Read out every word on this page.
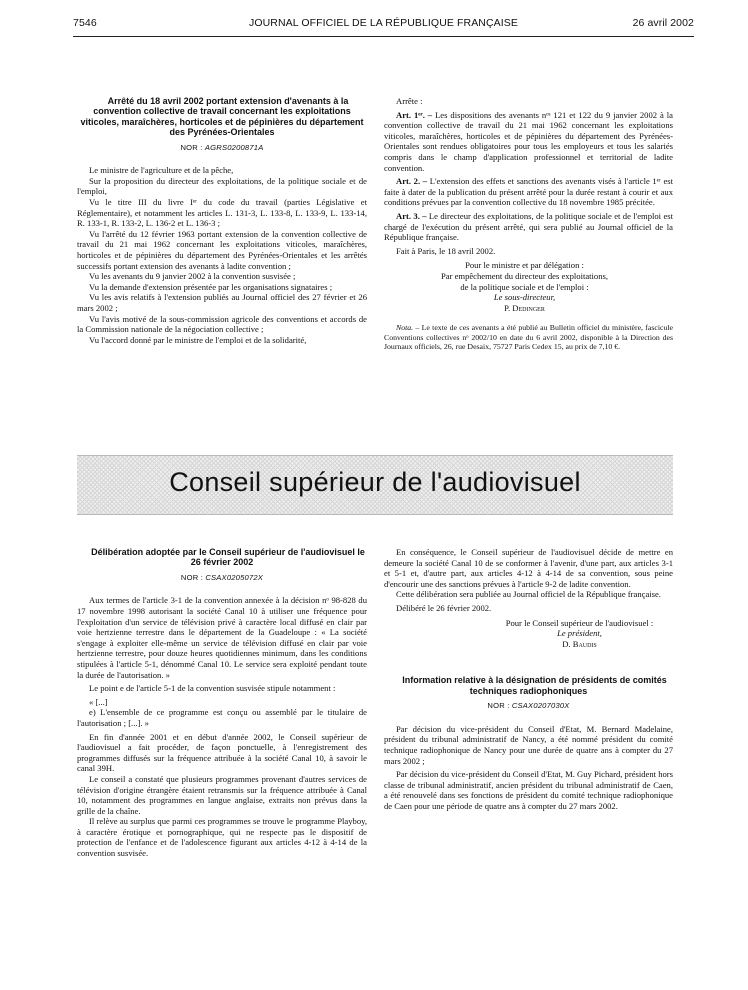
7546	JOURNAL OFFICIEL DE LA RÉPUBLIQUE FRANÇAISE	26 avril 2002

Arrêté du 18 avril 2002 portant extension d'avenants à la convention collective de travail concernant les exploitations viticoles, maraîchères, horticoles et de pépinières du département des Pyrénées-Orientales

NOR : AGRS0200871A

Le ministre de l'agriculture et de la pêche,

Sur la proposition du directeur des exploitations, de la politique sociale et de l'emploi,

Vu le titre III du livre Iᵉʳ du code du travail (parties Législative et Réglementaire), et notamment les articles L. 131-3, L. 133-8, L. 133-9, L. 133-14, R. 133-1, R. 133-2, L. 136-2 et L. 136-3 ;

Vu l'arrêté du 12 février 1963 portant extension de la convention collective de travail du 21 mai 1962 concernant les exploitations viticoles, maraîchères, horticoles et de pépinières du département des Pyrénées-Orientales et les arrêtés successifs portant extension des avenants à ladite convention ;

Vu les avenants du 9 janvier 2002 à la convention susvisée ;

Vu la demande d'extension présentée par les organisations signataires ;

Vu les avis relatifs à l'extension publiés au Journal officiel des 27 février et 26 mars 2002 ;

Vu l'avis motivé de la sous-commission agricole des conventions et accords de la Commission nationale de la négociation collective ;

Vu l'accord donné par le ministre de l'emploi et de la solidarité,

Arrête :

Art. 1ᵉʳ. – Les dispositions des avenants nᵒˢ 121 et 122 du 9 janvier 2002 à la convention collective de travail du 21 mai 1962 concernant les exploitations viticoles, maraîchères, horticoles et de pépinières du département des Pyrénées-Orientales sont rendues obligatoires pour tous les employeurs et tous les salariés compris dans le champ d'application professionnel et territorial de ladite convention.

Art. 2. – L'extension des effets et sanctions des avenants visés à l'article 1ᵉʳ est faite à dater de la publication du présent arrêté pour la durée restant à courir et aux conditions prévues par la convention collective du 18 novembre 1985 précitée.

Art. 3. – Le directeur des exploitations, de la politique sociale et de l'emploi est chargé de l'exécution du présent arrêté, qui sera publié au Journal officiel de la République française.

Fait à Paris, le 18 avril 2002.

Pour le ministre et par délégation :
Par empêchement du directeur des exploitations,
de la politique sociale et de l'emploi :
Le sous-directeur,
P. Dedinger
Nota. – Le texte de ces avenants a été publié au Bulletin officiel du ministère, fascicule Conventions collectives nᵒ 2002/10 en date du 6 avril 2002, disponible à la Direction des Journaux officiels, 26, rue Desaix, 75727 Paris Cedex 15, au prix de 7,10 €.
Conseil supérieur de l'audiovisuel

Délibération adoptée par le Conseil supérieur de l'audiovisuel le 26 février 2002

NOR : CSAX0205072X

Aux termes de l'article 3-1 de la convention annexée à la décision nᵒ 98-828 du 17 novembre 1998 autorisant la société Canal 10 à utiliser une fréquence pour l'exploitation d'un service de télévision privé à caractère local diffusé en clair par voie hertzienne terrestre dans le département de la Guadeloupe : « La société s'engage à exploiter elle-même un service de télévision diffusé en clair par voie hertzienne terrestre, pour douze heures quotidiennes minimum, dans les conditions stipulées à l'article 5-1, dénommé Canal 10. Le service sera exploité pendant toute la durée de l'autorisation. »

Le point e de l'article 5-1 de la convention susvisée stipule notamment :

« [...]

e) L'ensemble de ce programme est conçu ou assemblé par le titulaire de l'autorisation ; [...]. »

En fin d'année 2001 et en début d'année 2002, le Conseil supérieur de l'audiovisuel a fait procéder, de façon ponctuelle, à l'enregistrement des programmes diffusés sur la fréquence attribuée à la société Canal 10, à savoir le canal 39H.

Le conseil a constaté que plusieurs programmes provenant d'autres services de télévision d'origine étrangère étaient retransmis sur la fréquence attribuée à Canal 10, notamment des programmes en langue anglaise, extraits non prévus dans la grille de la chaîne.

Il relève au surplus que parmi ces programmes se trouve le programme Playboy, à caractère érotique et pornographique, qui ne respecte pas le dispositif de protection de l'enfance et de l'adolescence figurant aux articles 4-12 à 4-14 de la convention susvisée.

En conséquence, le Conseil supérieur de l'audiovisuel décide de mettre en demeure la société Canal 10 de se conformer à l'avenir, d'une part, aux articles 3-1 et 5-1 et, d'autre part, aux articles 4-12 à 4-14 de sa convention, sous peine d'encourir une des sanctions prévues à l'article 9-2 de ladite convention.

Cette délibération sera publiée au Journal officiel de la République française.

Délibéré le 26 février 2002.

Pour le Conseil supérieur de l'audiovisuel :
Le président,
D. Baudis

Information relative à la désignation de présidents de comités techniques radiophoniques

NOR : CSAX0207030X

Par décision du vice-président du Conseil d'Etat, M. Bernard Madelaine, président du tribunal administratif de Nancy, a été nommé président du comité technique radiophonique de Nancy pour une durée de quatre ans à compter du 27 mars 2002 ;

Par décision du vice-président du Conseil d'Etat, M. Guy Pichard, président hors classe de tribunal administratif, ancien président du tribunal administratif de Caen, a été renouvelé dans ses fonctions de président du comité technique radiophonique de Caen pour une période de quatre ans à compter du 27 mars 2002.
